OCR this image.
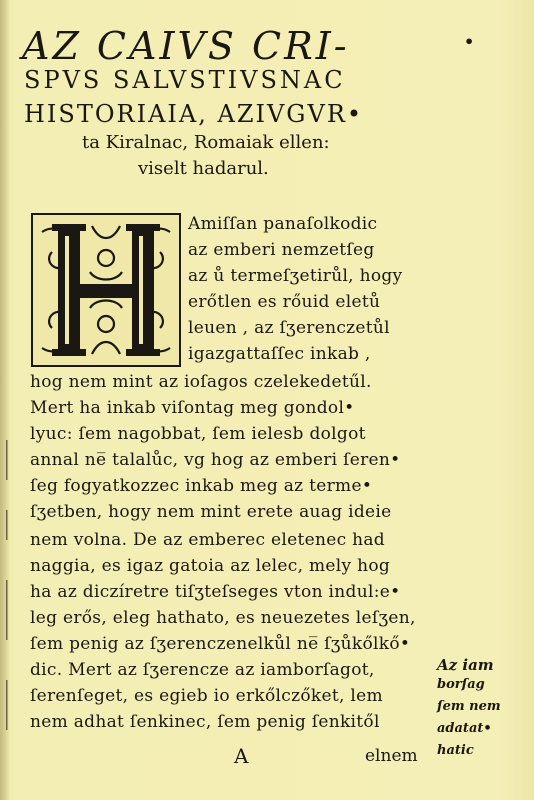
•
AZ CAIVS CRI-
SPVS SALVSTIVSNAC
HISTORIAIA, AZIVGVR•
ta Kiralnac, Romaiak ellen:
viselt hadarul.
Amiſſan panaſolkodic
az emberi nemzetſeg
az ů termeſʒetirůl, hogy
erőtlen es rőuid eletů
leuen , az ſʒerenczetůl
igazgattaſſec inkab ,
hog nem mint az ioſagos czelekedetűl.
Mert ha inkab viſontag meg gondol•
lyuc: ſem nagobbat, ſem ielesb dolgot
annal ne̅ talalůc, vg hog az emberi ſeren•
ſeg fogyatkozzec inkab meg az terme•
ſʒetben, hogy nem mint erete auag ideie
nem volna. De az emberec eletenec had
naggia, es igaz gatoia az lelec, mely hog
ha az diczíretre tiſʒteſseges vton indul:e•
leg erős, eleg hathato, es neuezetes leſʒen,
ſem penig az ſʒerenczenelkůl ne̅ ſʒůkőlkő•
dic. Mert az ſʒerencze az iamborſagot,
ſerenſeget, es egieb io erkőlczőket, lem
nem adhat ſenkinec, ſem penig ſenkitől
Az iam
borſag
ſem nem
adatat•
hatic
A	elnem
